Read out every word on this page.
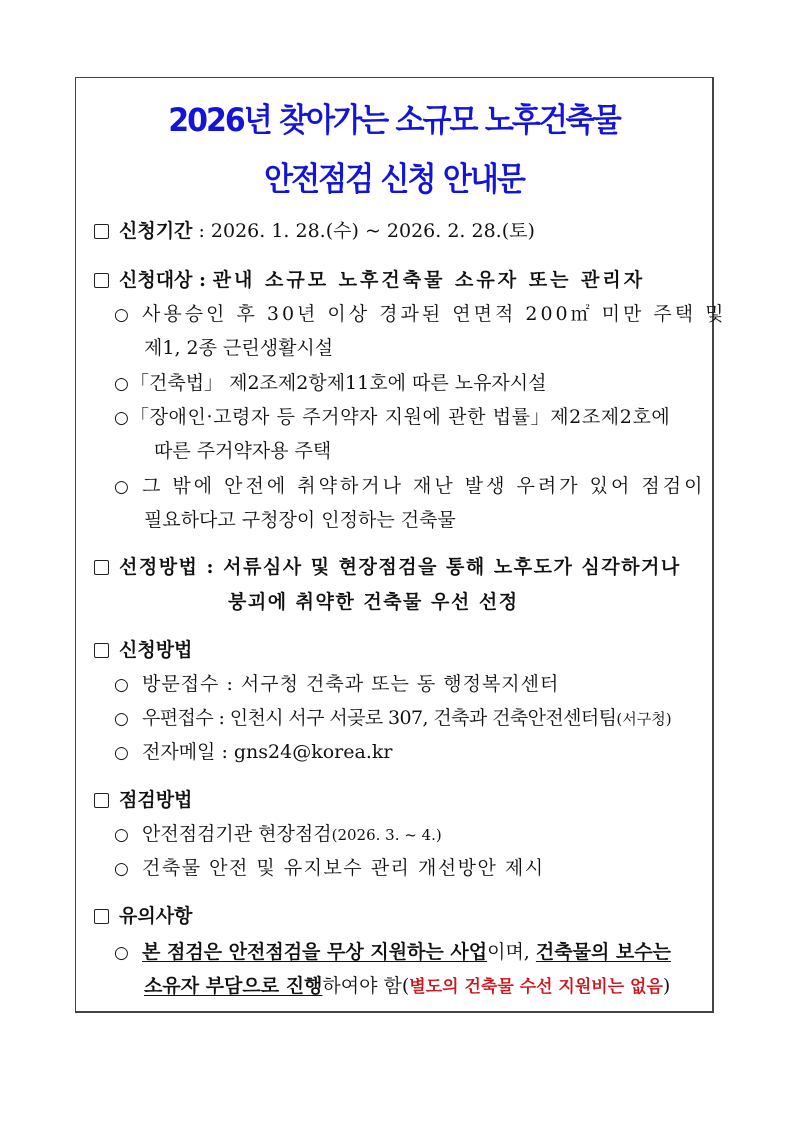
2026년 찾아가는 소규모 노후건축물
안전점검 신청 안내문
신청기간 : 2026. 1. 28.(수) ~ 2026. 2. 28.(토)
신청대상 : 관내 소규모 노후건축물 소유자 또는 관리자
○ 사용승인 후 30년 이상 경과된 연면적 200㎡ 미만 주택 및
제1, 2종 근린생활시설
○「건축법」 제2조제2항제11호에 따른 노유자시설
○「장애인·고령자 등 주거약자 지원에 관한 법률」제2조제2호에
따른 주거약자용 주택
○ 그 밖에 안전에 취약하거나 재난 발생 우려가 있어 점검이
필요하다고 구청장이 인정하는 건축물
선정방법 : 서류심사 및 현장점검을 통해 노후도가 심각하거나
붕괴에 취약한 건축물 우선 선정
신청방법
○ 방문접수 : 서구청 건축과 또는 동 행정복지센터
○ 우편접수 : 인천시 서구 서곶로 307, 건축과 건축안전센터팀(서구청)
○ 전자메일 : gns24@korea.kr
점검방법
○ 안전점검기관 현장점검(2026. 3. ~ 4.)
○ 건축물 안전 및 유지보수 관리 개선방안 제시
유의사항
○ 본 점검은 안전점검을 무상 지원하는 사업이며, 건축물의 보수는
소유자 부담으로 진행하여야 함(별도의 건축물 수선 지원비는 없음)
